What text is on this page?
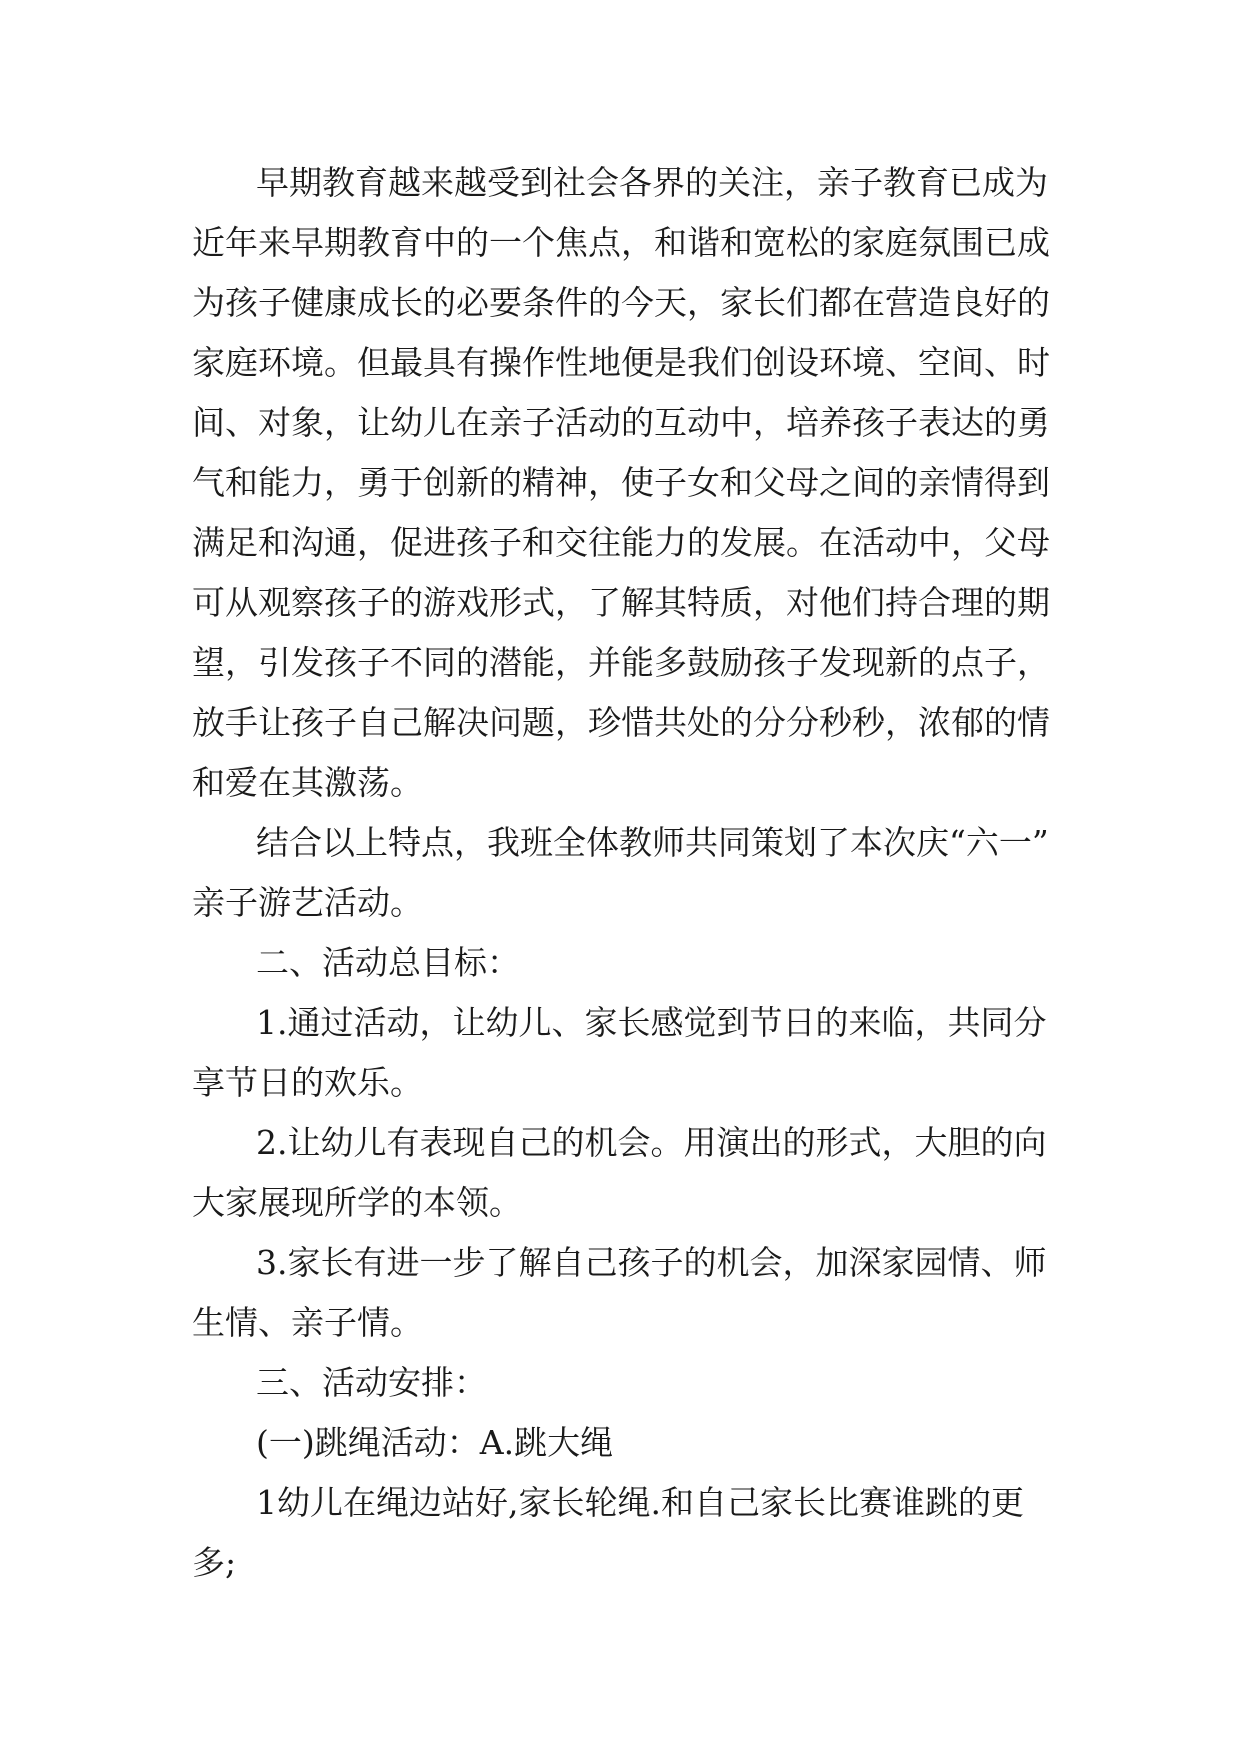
早期教育越来越受到社会各界的关注，亲子教育已成为
近年来早期教育中的一个焦点，和谐和宽松的家庭氛围已成
为孩子健康成长的必要条件的今天，家长们都在营造良好的
家庭环境。但最具有操作性地便是我们创设环境、空间、时
间、对象，让幼儿在亲子活动的互动中，培养孩子表达的勇
气和能力，勇于创新的精神，使子女和父母之间的亲情得到
满足和沟通，促进孩子和交往能力的发展。在活动中，父母
可从观察孩子的游戏形式，了解其特质，对他们持合理的期
望，引发孩子不同的潜能，并能多鼓励孩子发现新的点子，
放手让孩子自己解决问题，珍惜共处的分分秒秒，浓郁的情
和爱在其激荡。
结合以上特点，我班全体教师共同策划了本次庆“六一”
亲子游艺活动。
二、活动总目标：
1.通过活动，让幼儿、家长感觉到节日的来临，共同分
享节日的欢乐。
2.让幼儿有表现自己的机会。用演出的形式，大胆的向
大家展现所学的本领。
3.家长有进一步了解自己孩子的机会，加深家园情、师
生情、亲子情。
三、活动安排：
(一)跳绳活动：A.跳大绳
1幼儿在绳边站好,家长轮绳.和自己家长比赛谁跳的更
多;
